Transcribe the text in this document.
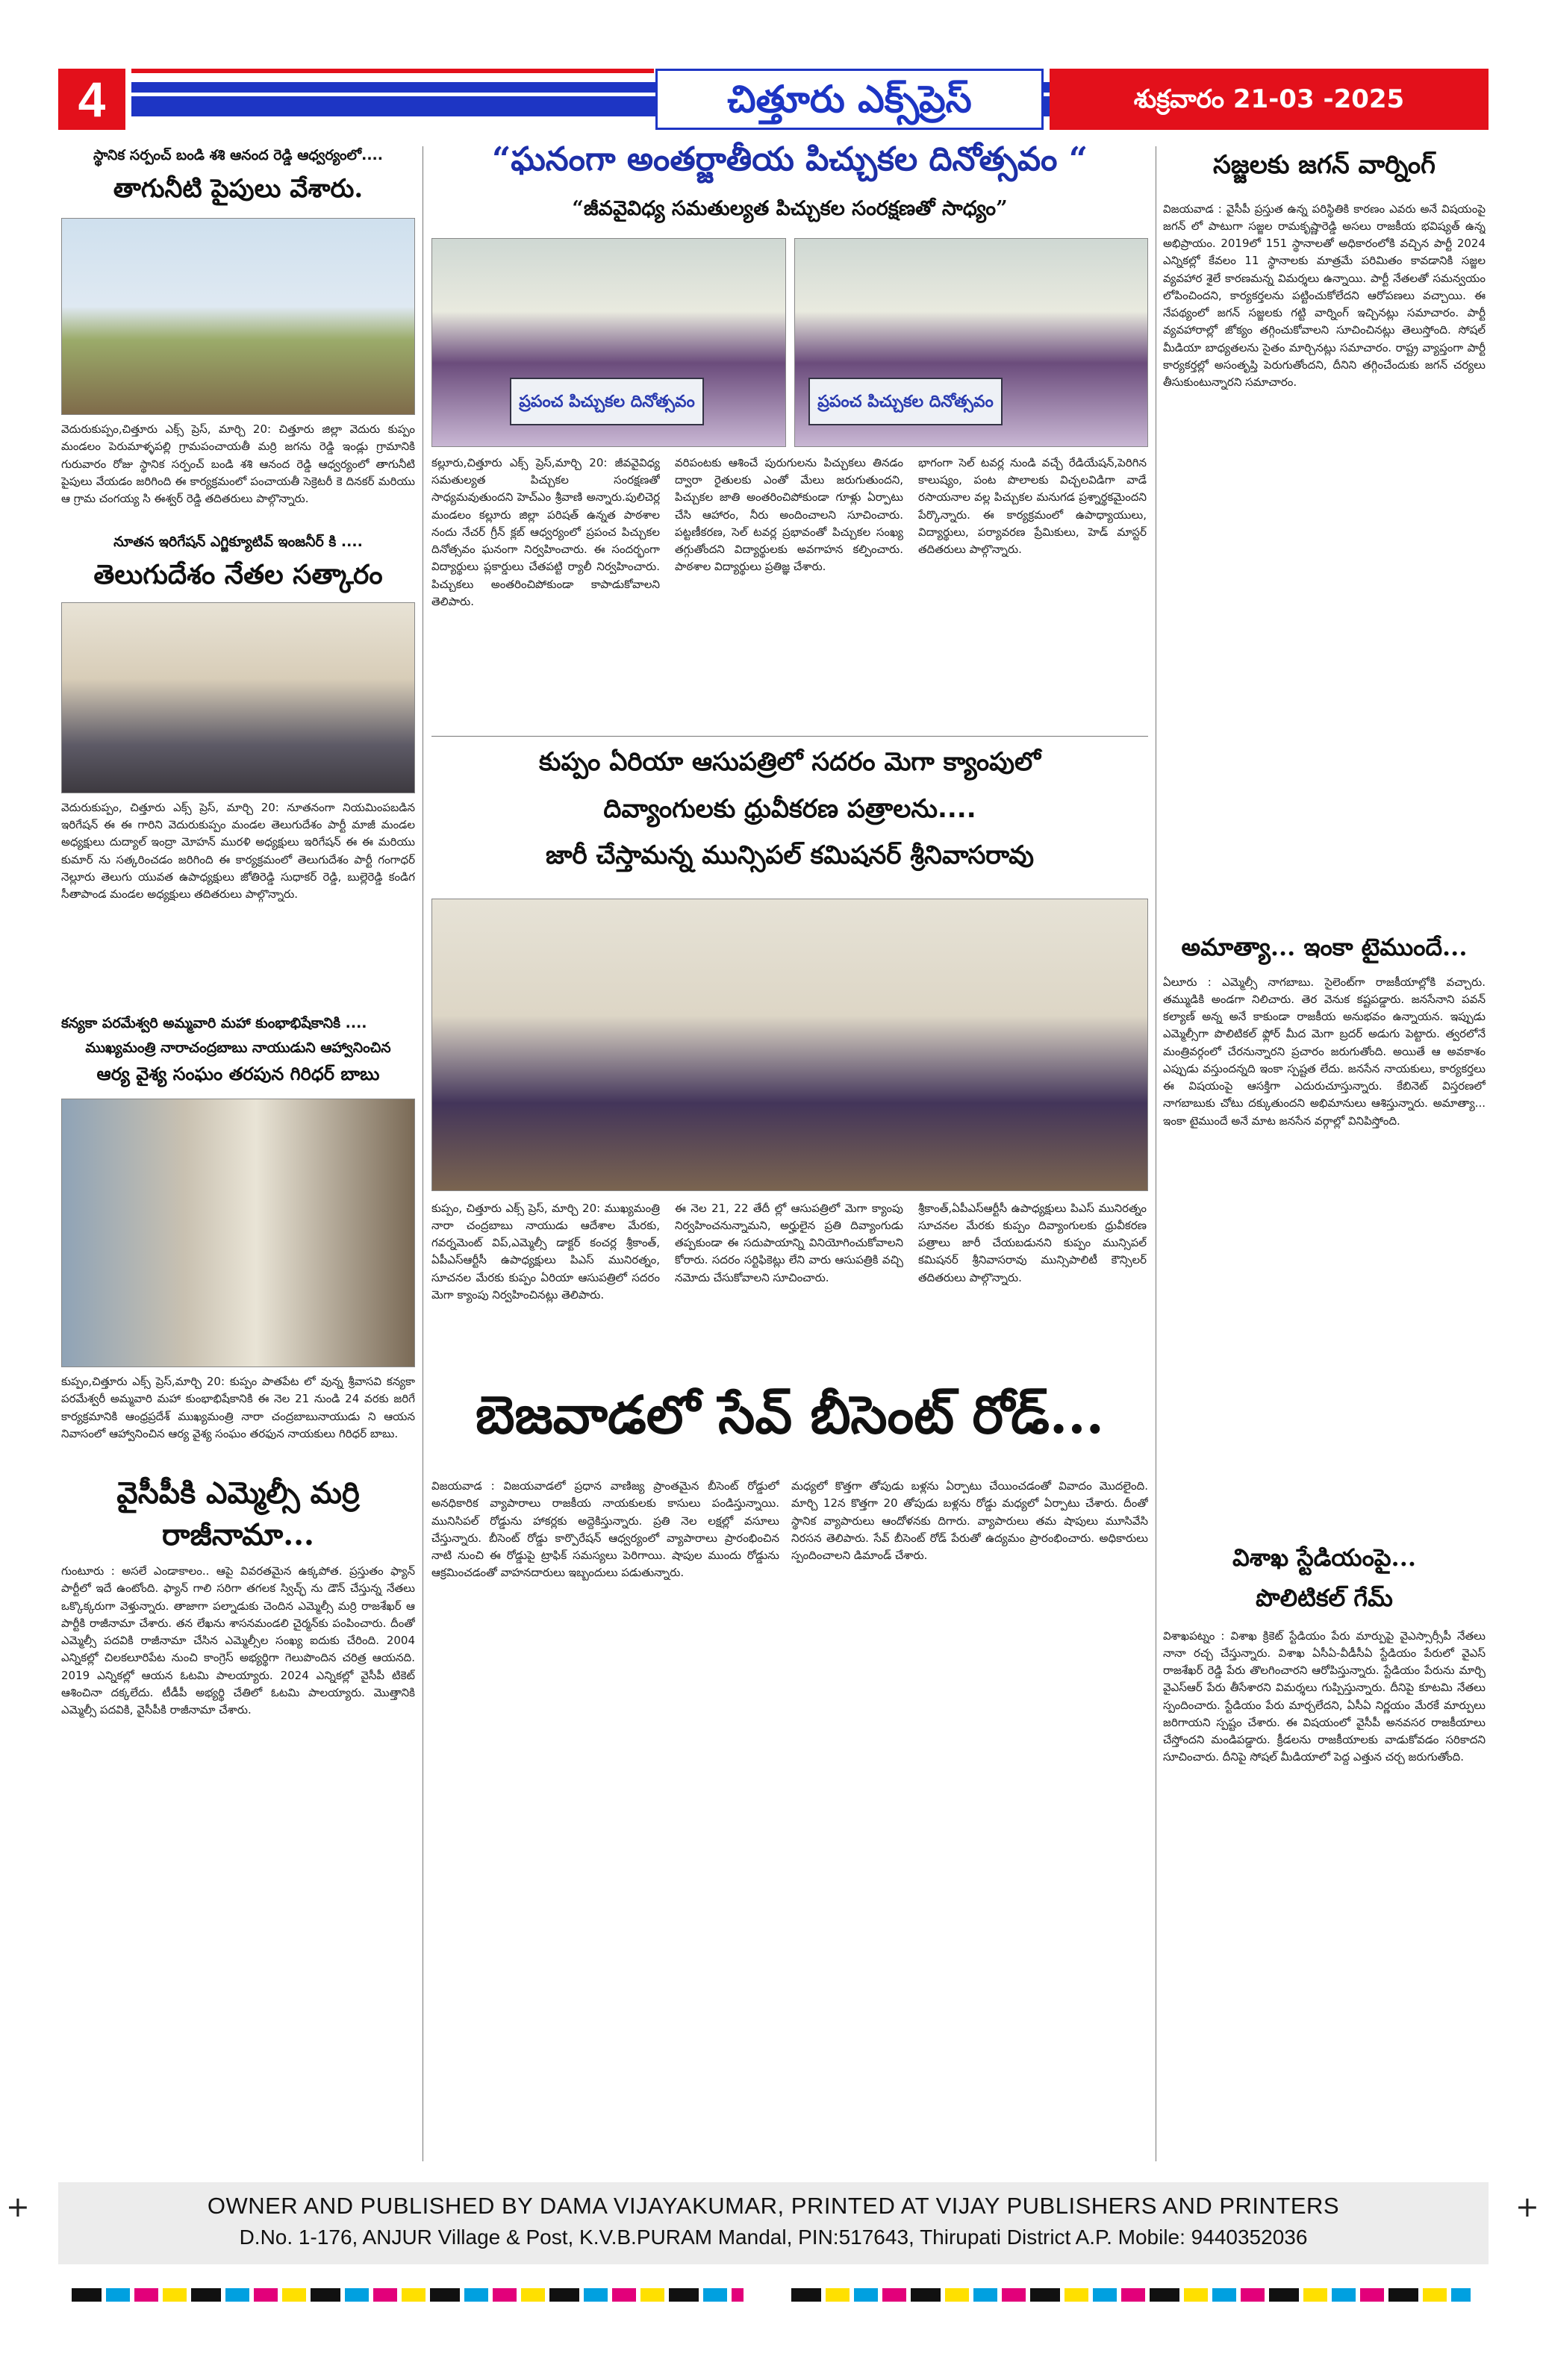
4	చిత్తూరు ఎక్స్‌ప్రెస్	శుక్రవారం 21-03 -2025
స్థానిక సర్పంచ్ బండి శశి ఆనంద రెడ్డి ఆధ్వర్యంలో....
తాగునీటి పైపులు వేశారు.
వెదురుకుప్పం,చిత్తూరు ఎక్స్ ప్రెస్, మార్చి 20: చిత్తూరు జిల్లా వెదురు కుప్పం మండలం పెరుమాళ్ళపల్లి గ్రామపంచాయతీ మర్రి జగను రెడ్డి ఇండ్లు గ్రామానికి గురువారం రోజు స్థానిక సర్పంచ్ బండి శశి ఆనంద రెడ్డి ఆధ్వర్యంలో తాగునీటి పైపులు వేయడం జరిగింది ఈ కార్యక్రమంలో పంచాయతీ సెక్రెటరీ కె దినకర్ మరియు ఆ గ్రామ చంగయ్య సి ఈశ్వర్ రెడ్డి తదితరులు పాల్గొన్నారు.
నూతన ఇరిగేషన్ ఎగ్జిక్యూటివ్ ఇంజనీర్ కి ....
తెలుగుదేశం నేతల సత్కారం
వెదురుకుప్పం, చిత్తూరు ఎక్స్ ప్రెస్, మార్చి 20: నూతనంగా నియమింపబడిన ఇరిగేషన్ ఈ ఈ గారిని వెదురుకుప్పం మండల తెలుగుదేశం పార్టీ మాజీ మండల అధ్యక్షులు దుద్యాల్ ఇంద్రా మోహన్ మురళి అధ్యక్షులు ఇరిగేషన్ ఈ ఈ మరియు కుమార్ ను సత్కరించడం జరిగింది ఈ కార్యక్రమంలో తెలుగుదేశం పార్టీ గంగాధర్ నెల్లూరు తెలుగు యువత ఉపాధ్యక్షులు జోతిరెడ్డి సుధాకర్ రెడ్డి, బుల్లెరెడ్డి కండిగ సీతాపాండ మండల అధ్యక్షులు తదితరులు పాల్గొన్నారు.
కన్యకా పరమేశ్వరి అమ్మవారి మహా కుంభాభిషేకానికి ....
ముఖ్యమంత్రి నారాచంద్రబాబు నాయుడుని ఆహ్వానించిన
ఆర్య వైశ్య సంఘం తరపున గిరిధర్ బాబు
కుప్పం,చిత్తూరు ఎక్స్ ప్రెస్,మార్చి 20: కుప్పం పాతపేట లో వున్న శ్రీవాసవి కన్యకా పరమేశ్వరీ అమ్మవారి మహా కుంభాభిషేకానికి ఈ నెల 21 నుండి 24 వరకు జరిగే కార్యక్రమానికి ఆంధ్రప్రదేశ్ ముఖ్యమంత్రి నారా చంద్రబాబునాయుడు ని ఆయన నివాసంలో ఆహ్వానించిన ఆర్య వైశ్య సంఘం తరఫున నాయకులు గిరిధర్ బాబు.
వైసీపీకి ఎమ్మెల్సీ మర్రి
రాజీనామా...
గుంటూరు : అసలే ఎండాకాలం.. ఆపై వివరతమైన ఉక్కపోత. ప్రస్తుతం ఫ్యాన్ పార్టీలో ఇదే ఉంటోంది. ఫ్యాన్ గాలి సరిగా తగలక స్విచ్ఛ్ ను డౌన్ చేస్తున్న నేతలు ఒక్కొక్కరుగా వెళ్తున్నారు. తాజాగా పల్నాడుకు చెందిన ఎమ్మెల్సీ మర్రి రాజశేఖర్ ఆ పార్టీకి రాజీనామా చేశారు. తన లేఖను శాసనమండలి చైర్మన్‌కు పంపించారు. దీంతో ఎమ్మెల్సీ పదవికి రాజీనామా చేసిన ఎమ్మెల్సీల సంఖ్య ఐదుకు చేరింది. 2004 ఎన్నికల్లో చిలకలూరిపేట నుంచి కాంగ్రెస్ అభ్యర్థిగా గెలుపొందిన చరిత్ర ఆయనది. 2019 ఎన్నికల్లో ఆయన ఓటమి పాలయ్యారు. 2024 ఎన్నికల్లో వైసీపీ టికెట్ ఆశించినా దక్కలేదు. టీడీపీ అభ్యర్థి చేతిలో ఓటమి పాలయ్యారు. మొత్తానికి ఎమ్మెల్సీ పదవికి, వైసీపీకి రాజీనామా చేశారు.
“ఘనంగా అంతర్జాతీయ పిచ్చుకల దినోత్సవం “
“జీవవైవిధ్య సమతుల్యత పిచ్చుకల సంరక్షణతో సాధ్యం”
ప్రపంచ పిచ్చుకల దినోత్సవం	ప్రపంచ పిచ్చుకల దినోత్సవం
కల్లూరు,చిత్తూరు ఎక్స్ ప్రెస్,మార్చి 20: జీవవైవిధ్య సమతుల్యత పిచ్చుకల సంరక్షణతో సాధ్యమవుతుందని హెచ్ఎం శ్రీవాణి అన్నారు.పులిచెర్ల మండలం కల్లూరు జిల్లా పరిషత్ ఉన్నత పాఠశాల నందు నేచర్ గ్రీన్ క్లబ్ ఆధ్వర్యంలో ప్రపంచ పిచ్చుకల దినోత్సవం ఘనంగా నిర్వహించారు. ఈ సందర్భంగా విద్యార్థులు ప్లకార్డులు చేతపట్టి ర్యాలీ నిర్వహించారు. పిచ్చుకలు అంతరించిపోకుండా కాపాడుకోవాలని తెలిపారు.
వరిపంటకు ఆశించే పురుగులను పిచ్చుకలు తినడం ద్వారా రైతులకు ఎంతో మేలు జరుగుతుందని, పిచ్చుకల జాతి అంతరించిపోకుండా గూళ్లు ఏర్పాటు చేసి ఆహారం, నీరు అందించాలని సూచించారు. పట్టణీకరణ, సెల్ టవర్ల ప్రభావంతో పిచ్చుకల సంఖ్య తగ్గుతోందని విద్యార్థులకు అవగాహన కల్పించారు. పాఠశాల విద్యార్థులు ప్రతిజ్ఞ చేశారు.
భాగంగా సెల్ టవర్ల నుండి వచ్చే రేడియేషన్,పెరిగిన కాలుష్యం, పంట పొలాలకు విచ్చలవిడిగా వాడే రసాయనాల వల్ల పిచ్చుకల మనుగడ ప్రశ్నార్థకమైందని పేర్కొన్నారు. ఈ కార్యక్రమంలో ఉపాధ్యాయులు, విద్యార్థులు, పర్యావరణ ప్రేమికులు, హెడ్ మాస్టర్ తదితరులు పాల్గొన్నారు.
కుప్పం ఏరియా ఆసుపత్రిలో సదరం మెగా క్యాంపులో
దివ్యాంగులకు ధ్రువీకరణ పత్రాలను....
జారీ చేస్తామన్న మున్సిపల్ కమిషనర్ శ్రీనివాసరావు
కుప్పం, చిత్తూరు ఎక్స్ ప్రెస్, మార్చి 20: ముఖ్యమంత్రి నారా చంద్రబాబు నాయుడు ఆదేశాల మేరకు, గవర్నమెంట్ విప్,ఎమ్మెల్సీ డాక్టర్ కంచర్ల శ్రీకాంత్, ఏపీఎస్ఆర్టీసీ ఉపాధ్యక్షులు పిఎస్ మునిరత్నం, సూచనల మేరకు కుప్పం ఏరియా ఆసుపత్రిలో సదరం మెగా క్యాంపు నిర్వహించినట్లు తెలిపారు.
ఈ నెల 21, 22 తేదీ ల్లో ఆసుపత్రిలో మెగా క్యాంపు నిర్వహించనున్నామని, అర్హులైన ప్రతి దివ్యాంగుడు తప్పకుండా ఈ సదుపాయాన్ని వినియోగించుకోవాలని కోరారు. సదరం సర్టిఫికెట్లు లేని వారు ఆసుపత్రికి వచ్చి నమోదు చేసుకోవాలని సూచించారు.
శ్రీకాంత్,ఏపీఎస్ఆర్టీసీ ఉపాధ్యక్షులు పిఎస్ మునిరత్నం సూచనల మేరకు కుప్పం దివ్యాంగులకు ధ్రువీకరణ పత్రాలు జారీ చేయబడునని కుప్పం మున్సిపల్ కమిషనర్ శ్రీనివాసరావు మున్సిపాలిటీ కౌన్సిలర్ తదితరులు పాల్గొన్నారు.
బెజవాడలో సేవ్ బీసెంట్ రోడ్...
విజయవాడ : విజయవాడలో ప్రధాన వాణిజ్య ప్రాంతమైన బీసెంట్ రోడ్డులో అనధికారిక వ్యాపారాలు రాజకీయ నాయకులకు కాసులు పండిస్తున్నాయి. మునిసిపల్ రోడ్డును హాకర్లకు అద్దెకిస్తున్నారు. ప్రతి నెల లక్షల్లో వసూలు చేస్తున్నారు. బీసెంట్ రోడ్డు కార్పొరేషన్ ఆధ్వర్యంలో వ్యాపారాలు ప్రారంభించిన నాటి నుంచి ఈ రోడ్డుపై ట్రాఫిక్ సమస్యలు పెరిగాయి. షాపుల ముందు రోడ్డును ఆక్రమించడంతో వాహనదారులు ఇబ్బందులు పడుతున్నారు.
మధ్యలో కొత్తగా తోపుడు బళ్లను ఏర్పాటు చేయించడంతో వివాదం మొదలైంది. మార్చి 12న కొత్తగా 20 తోపుడు బళ్లను రోడ్డు మధ్యలో ఏర్పాటు చేశారు. దీంతో స్థానిక వ్యాపారులు ఆందోళనకు దిగారు. వ్యాపారులు తమ షాపులు మూసివేసి నిరసన తెలిపారు. సేవ్ బీసెంట్ రోడ్ పేరుతో ఉద్యమం ప్రారంభించారు. అధికారులు స్పందించాలని డిమాండ్ చేశారు.
సజ్జలకు జగన్ వార్నింగ్
విజయవాడ : వైసీపీ ప్రస్తుత ఉన్న పరిస్థితికి కారణం ఎవరు అనే విషయంపై జగన్ లో పాటుగా సజ్జల రామకృష్ణారెడ్డి అసలు రాజకీయ భవిష్యత్ ఉన్న అభిప్రాయం. 2019లో 151 స్థానాలతో అధికారంలోకి వచ్చిన పార్టీ 2024 ఎన్నికల్లో కేవలం 11 స్థానాలకు మాత్రమే పరిమితం కావడానికి సజ్జల వ్యవహార శైలే కారణమన్న విమర్శలు ఉన్నాయి. పార్టీ నేతలతో సమన్వయం లోపించిందని, కార్యకర్తలను పట్టించుకోలేదని ఆరోపణలు వచ్చాయి. ఈ నేపథ్యంలో జగన్ సజ్జలకు గట్టి వార్నింగ్ ఇచ్చినట్లు సమాచారం. పార్టీ వ్యవహారాల్లో జోక్యం తగ్గించుకోవాలని సూచించినట్లు తెలుస్తోంది. సోషల్ మీడియా బాధ్యతలను సైతం మార్చినట్లు సమాచారం. రాష్ట్ర వ్యాప్తంగా పార్టీ కార్యకర్తల్లో అసంతృప్తి పెరుగుతోందని, దీనిని తగ్గించేందుకు జగన్ చర్యలు తీసుకుంటున్నారని సమాచారం.
అమాత్యా... ఇంకా టైముందే...
ఏలూరు : ఎమ్మెల్సీ నాగబాబు. సైలెంట్‌గా రాజకీయాల్లోకి వచ్చారు. తమ్ముడికి అండగా నిలిచారు. తెర వెనుక కష్టపడ్డారు. జనసేనాని పవన్ కల్యాణ్ అన్న అనే కాకుండా రాజకీయ అనుభవం ఉన్నాయన. ఇప్పుడు ఎమ్మెల్సీగా పొలిటికల్ ఫ్లోర్ మీద మెగా బ్రదర్ అడుగు పెట్టారు. త్వరలోనే మంత్రివర్గంలో చేరనున్నారని ప్రచారం జరుగుతోంది. అయితే ఆ అవకాశం ఎప్పుడు వస్తుందన్నది ఇంకా స్పష్టత లేదు. జనసేన నాయకులు, కార్యకర్తలు ఈ విషయంపై ఆసక్తిగా ఎదురుచూస్తున్నారు. కేబినెట్ విస్తరణలో నాగబాబుకు చోటు దక్కుతుందని అభిమానులు ఆశిస్తున్నారు. అమాత్యా... ఇంకా టైముందే అనే మాట జనసేన వర్గాల్లో వినిపిస్తోంది.
విశాఖ స్టేడియంపై...
పొలిటికల్ గేమ్
విశాఖపట్నం : విశాఖ క్రికెట్ స్టేడియం పేరు మార్పుపై వైఎస్సార్సీపీ నేతలు నానా రచ్చ చేస్తున్నారు. విశాఖ ఏసీఏ-వీడీసీఏ స్టేడియం పేరులో వైఎస్ రాజశేఖర్ రెడ్డి పేరు తొలగించారని ఆరోపిస్తున్నారు. స్టేడియం పేరును మార్చి వైఎస్ఆర్ పేరు తీసేశారని విమర్శలు గుప్పిస్తున్నారు. దీనిపై కూటమి నేతలు స్పందించారు. స్టేడియం పేరు మార్చలేదని, ఏసీఏ నిర్ణయం మేరకే మార్పులు జరిగాయని స్పష్టం చేశారు. ఈ విషయంలో వైసీపీ అనవసర రాజకీయాలు చేస్తోందని మండిపడ్డారు. క్రీడలను రాజకీయాలకు వాడుకోవడం సరికాదని సూచించారు. దీనిపై సోషల్ మీడియాలో పెద్ద ఎత్తున చర్చ జరుగుతోంది.
OWNER AND PUBLISHED BY DAMA VIJAYAKUMAR, PRINTED AT VIJAY PUBLISHERS AND PRINTERS
D.No. 1-176, ANJUR Village & Post, K.V.B.PURAM Mandal, PIN:517643, Thirupati District A.P. Mobile: 9440352036
+	+
